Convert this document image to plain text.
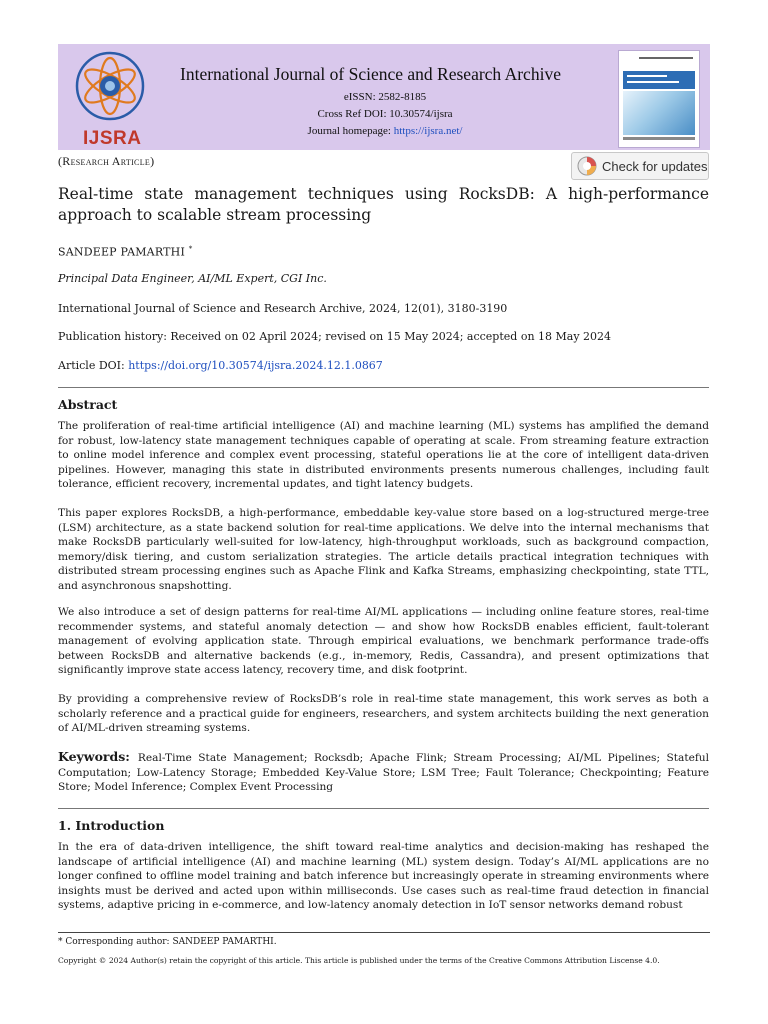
IJSRA
International Journal of Science and Research Archive
eISSN: 2582-8185
Cross Ref DOI: 10.30574/ijsra
Journal homepage: https://ijsra.net/
(Research Article)	Check for updates
Real-time state management techniques using RocksDB: A high-performance approach to scalable stream processing
SANDEEP PAMARTHI *
Principal Data Engineer, AI/ML Expert, CGI Inc.
International Journal of Science and Research Archive, 2024, 12(01), 3180-3190
Publication history: Received on 02 April 2024; revised on 15 May 2024; accepted on 18 May 2024
Article DOI: https://doi.org/10.30574/ijsra.2024.12.1.0867
Abstract

The proliferation of real-time artificial intelligence (AI) and machine learning (ML) systems has amplified the demand for robust, low-latency state management techniques capable of operating at scale. From streaming feature extraction to online model inference and complex event processing, stateful operations lie at the core of intelligent data-driven pipelines. However, managing this state in distributed environments presents numerous challenges, including fault tolerance, efficient recovery, incremental updates, and tight latency budgets.

This paper explores RocksDB, a high-performance, embeddable key-value store based on a log-structured merge-tree (LSM) architecture, as a state backend solution for real-time applications. We delve into the internal mechanisms that make RocksDB particularly well-suited for low-latency, high-throughput workloads, such as background compaction, memory/disk tiering, and custom serialization strategies. The article details practical integration techniques with distributed stream processing engines such as Apache Flink and Kafka Streams, emphasizing checkpointing, state TTL, and asynchronous snapshotting.

We also introduce a set of design patterns for real-time AI/ML applications — including online feature stores, real-time recommender systems, and stateful anomaly detection — and show how RocksDB enables efficient, fault-tolerant management of evolving application state. Through empirical evaluations, we benchmark performance trade-offs between RocksDB and alternative backends (e.g., in-memory, Redis, Cassandra), and present optimizations that significantly improve state access latency, recovery time, and disk footprint.

By providing a comprehensive review of RocksDB’s role in real-time state management, this work serves as both a scholarly reference and a practical guide for engineers, researchers, and system architects building the next generation of AI/ML-driven streaming systems.

Keywords: Real-Time State Management; Rocksdb; Apache Flink; Stream Processing; AI/ML Pipelines; Stateful Computation; Low-Latency Storage; Embedded Key-Value Store; LSM Tree; Fault Tolerance; Checkpointing; Feature Store; Model Inference; Complex Event Processing

1. Introduction

In the era of data-driven intelligence, the shift toward real-time analytics and decision-making has reshaped the landscape of artificial intelligence (AI) and machine learning (ML) system design. Today’s AI/ML applications are no longer confined to offline model training and batch inference but increasingly operate in streaming environments where insights must be derived and acted upon within milliseconds. Use cases such as real-time fraud detection in financial systems, adaptive pricing in e-commerce, and low-latency anomaly detection in IoT sensor networks demand robust

* Corresponding author: SANDEEP PAMARTHI.
Copyright © 2024 Author(s) retain the copyright of this article. This article is published under the terms of the Creative Commons Attribution Liscense 4.0.
